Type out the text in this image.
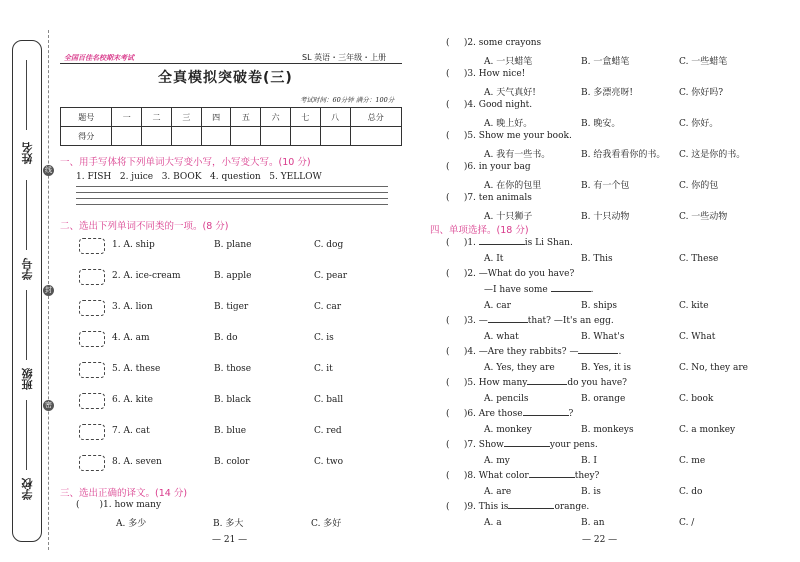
姓名
学号
班级
学校
线
封
密
全国百佳名校期末考试	SL 英语・三年级・上册
全真模拟突破卷(三)
考试时间：60分钟 满分：100分
题号	一	二	三	四	五	六	七	八	总分
得分									
一、用手写体将下列单词大写变小写，小写变大写。(10 分)
1. FISH   2. juice   3. BOOK   4. question   5. YELLOW
二、选出下列单词不同类的一项。(8 分)
1. A. ship	B. plane	C. dog
2. A. ice-cream	B. apple	C. pear
3. A. lion	B. tiger	C. car
4. A. am	B. do	C. is
5. A. these	B. those	C. it
6. A. kite	B. black	C. ball
7. A. cat	B. blue	C. red
8. A. seven	B. color	C. two
三、选出正确的译文。(14 分)
( )1. how many
A. 多少	B. 多大	C. 多好
— 21 —
(     )2. some crayons
A. 一只蜡笔	B. 一盒蜡笔	C. 一些蜡笔
(     )3. How nice!
A. 天气真好!	B. 多漂亮呀!	C. 你好吗?
(     )4. Good night.
A. 晚上好。	B. 晚安。	C. 你好。
(     )5. Show me your book.
A. 我有一些书。	B. 给我看看你的书。 C. 这是你的书。
(     )6. in your bag
A. 在你的包里	B. 有一个包	C. 你的包
(     )7. ten animals
A. 十只狮子	B. 十只动物	C. 一些动物
四、单项选择。(18 分)
(     )1.	is Li Shan.
A. It	B. This	C. These
(     )2. —What do you have?
—I have some	.
A. car	B. ships	C. kite
(     )3. —	that? —It's an egg.
A. what	B. What's	C. What
(     )4. —Are they rabbits? —	.
A. Yes, they are	B. Yes, it is	C. No, they are
(     )5. How many	do you have?
A. pencils	B. orange	C. book
(     )6. Are those	?
A. monkey	B. monkeys	C. a monkey
(     )7. Show	your pens.
A. my	B. I	C. me
(     )8. What color	they?
A. are	B. is	C. do
(     )9. This is	orange.
A. a	B. an	C. /
— 22 —
